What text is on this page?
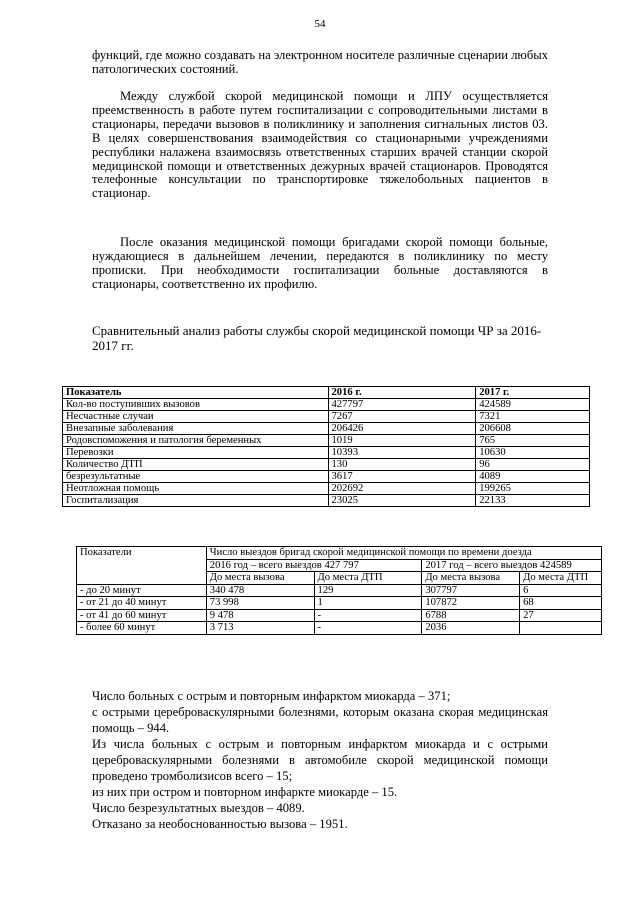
54

функций, где можно создавать на электронном носителе различные сценарии любых патологических состояний.

Между службой скорой медицинской помощи и ЛПУ осуществляется преемственность в работе путем госпитализации с сопроводительными листами в стационары, передачи вызовов в поликлинику и заполнения сигнальных листов 03. В целях совершенствования взаимодействия со стационарными учреждениями республики налажена взаимосвязь ответственных старших врачей станции скорой медицинской помощи и ответственных дежурных врачей стационаров. Проводятся телефонные консультации по транспортировке тяжелобольных пациентов в стационар.

После оказания медицинской помощи бригадами скорой помощи больные, нуждающиеся в дальнейшем лечении, передаются в поликлинику по месту прописки. При необходимости госпитализации больные доставляются в стационары, соответственно их профилю.

Сравнительный анализ работы службы скорой медицинской помощи ЧР за 2016-2017 гг.

Показатель	2016 г.	2017 г.
Кол-во поступивших вызовов	427797	424589
Несчастные случаи	7267	7321
Внезапные заболевания	206426	206608
Родовспоможения и патология беременных	1019	765
Перевозки	10393	10630
Количество ДТП	130	96
безрезультатные	3617	4089
Неотложная помощь	202692	199265
Госпитализация	23025	22133
Показатели	Число выездов бригад скорой медицинской помощи по времени доезда			
	2016 год – всего выездов 427 797		2017 год – всего выездов 424589	
	До места вызова	До места ДТП	До места вызова	До места ДТП
- до 20 минут	340 478	129	307797	6
- от 21 до 40 минут	73 998	1	107872	68
- от 41 до 60 минут	9 478	-	6788	27
- более 60 минут	3 713	-	2036	

Число больных с острым и повторным инфарктом миокарда – 371;

с острыми цереброваскулярными болезнями, которым оказана скорая медицинская помощь – 944.

Из числа больных с острым и повторным инфарктом миокарда и с острыми цереброваскулярными болезнями в автомобиле скорой медицинской помощи проведено тромболизисов всего – 15;

из них при остром и повторном инфаркте миокарде – 15.

Число безрезультатных выездов – 4089.

Отказано за необоснованностью вызова – 1951.
